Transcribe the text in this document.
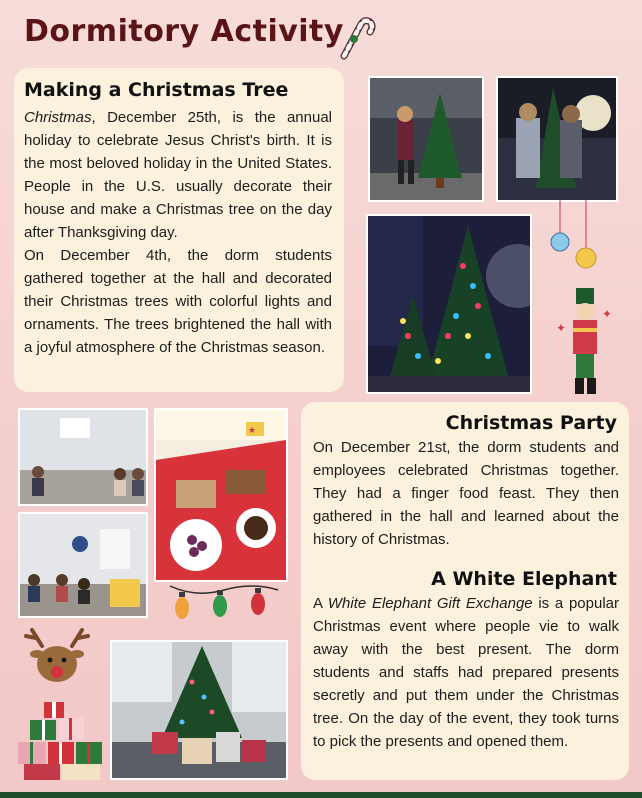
Dormitory Activity
Making a Christmas Tree
Christmas, December 25th, is the annual holiday to celebrate Jesus Christ's birth. It is the most beloved holiday in the United States. People in the U.S. usually decorate their house and make a Christmas tree on the day after Thanksgiving day.
On December 4th, the dorm students gathered together at the hall and decorated their Christmas trees with colorful lights and ornaments. The trees brightened the hall with a joyful atmosphere of the Christmas season.
✦
✦
★	Christmas Party
On December 21st, the dorm students and employees celebrated Christmas together. They had a finger food feast. They then gathered in the hall and learned about the history of Christmas.
A White Elephant
A White Elephant Gift Exchange is a popular Christmas event where people vie to walk away with the best present. The dorm students and staffs had prepared presents secretly and put them under the Christmas tree. On the day of the event, they took turns to pick the presents and opened them.
